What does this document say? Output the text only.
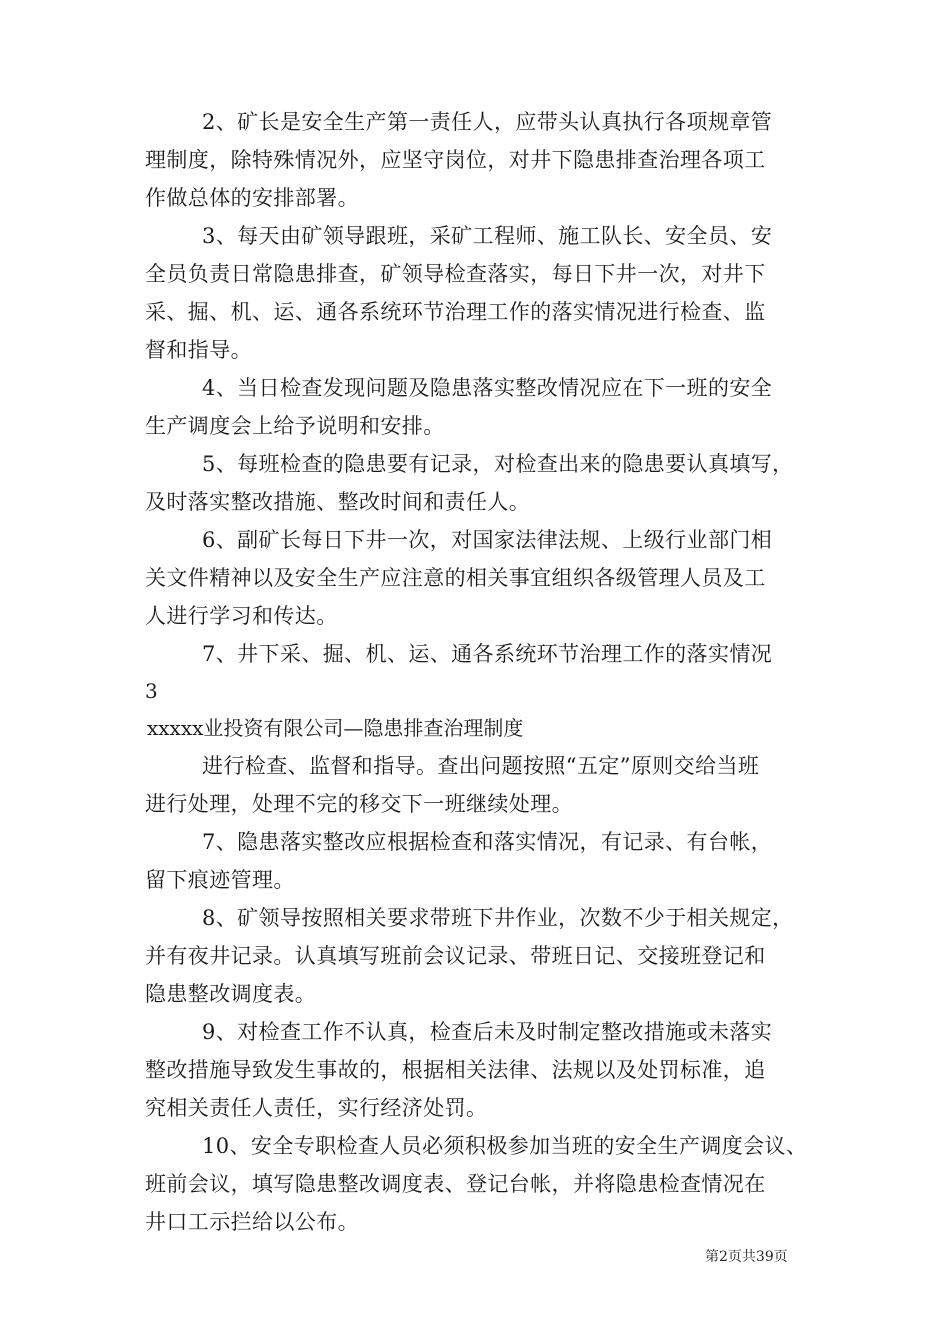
2、矿长是安全生产第一责任人，应带头认真执行各项规章管
理制度，除特殊情况外，应坚守岗位，对井下隐患排查治理各项工
作做总体的安排部署。
3、每天由矿领导跟班，采矿工程师、施工队长、安全员、安
全员负责日常隐患排查，矿领导检查落实，每日下井一次，对井下
采、掘、机、运、通各系统环节治理工作的落实情况进行检查、监
督和指导。
4、当日检查发现问题及隐患落实整改情况应在下一班的安全
生产调度会上给予说明和安排。
5、每班检查的隐患要有记录，对检查出来的隐患要认真填写，
及时落实整改措施、整改时间和责任人。
6、副矿长每日下井一次，对国家法律法规、上级行业部门相
关文件精神以及安全生产应注意的相关事宜组织各级管理人员及工
人进行学习和传达。
7、井下采、掘、机、运、通各系统环节治理工作的落实情况
3
xxxxx业投资有限公司—隐患排查治理制度
进行检查、监督和指导。查出问题按照“五定”原则交给当班
进行处理，处理不完的移交下一班继续处理。
7、隐患落实整改应根据检查和落实情况，有记录、有台帐，
留下痕迹管理。
8、矿领导按照相关要求带班下井作业，次数不少于相关规定，
并有夜井记录。认真填写班前会议记录、带班日记、交接班登记和
隐患整改调度表。
9、对检查工作不认真，检查后未及时制定整改措施或未落实
整改措施导致发生事故的，根据相关法律、法规以及处罚标准，追
究相关责任人责任，实行经济处罚。
10、安全专职检查人员必须积极参加当班的安全生产调度会议、
班前会议，填写隐患整改调度表、登记台帐，并将隐患检查情况在
井口工示拦给以公布。
第2页共39页
